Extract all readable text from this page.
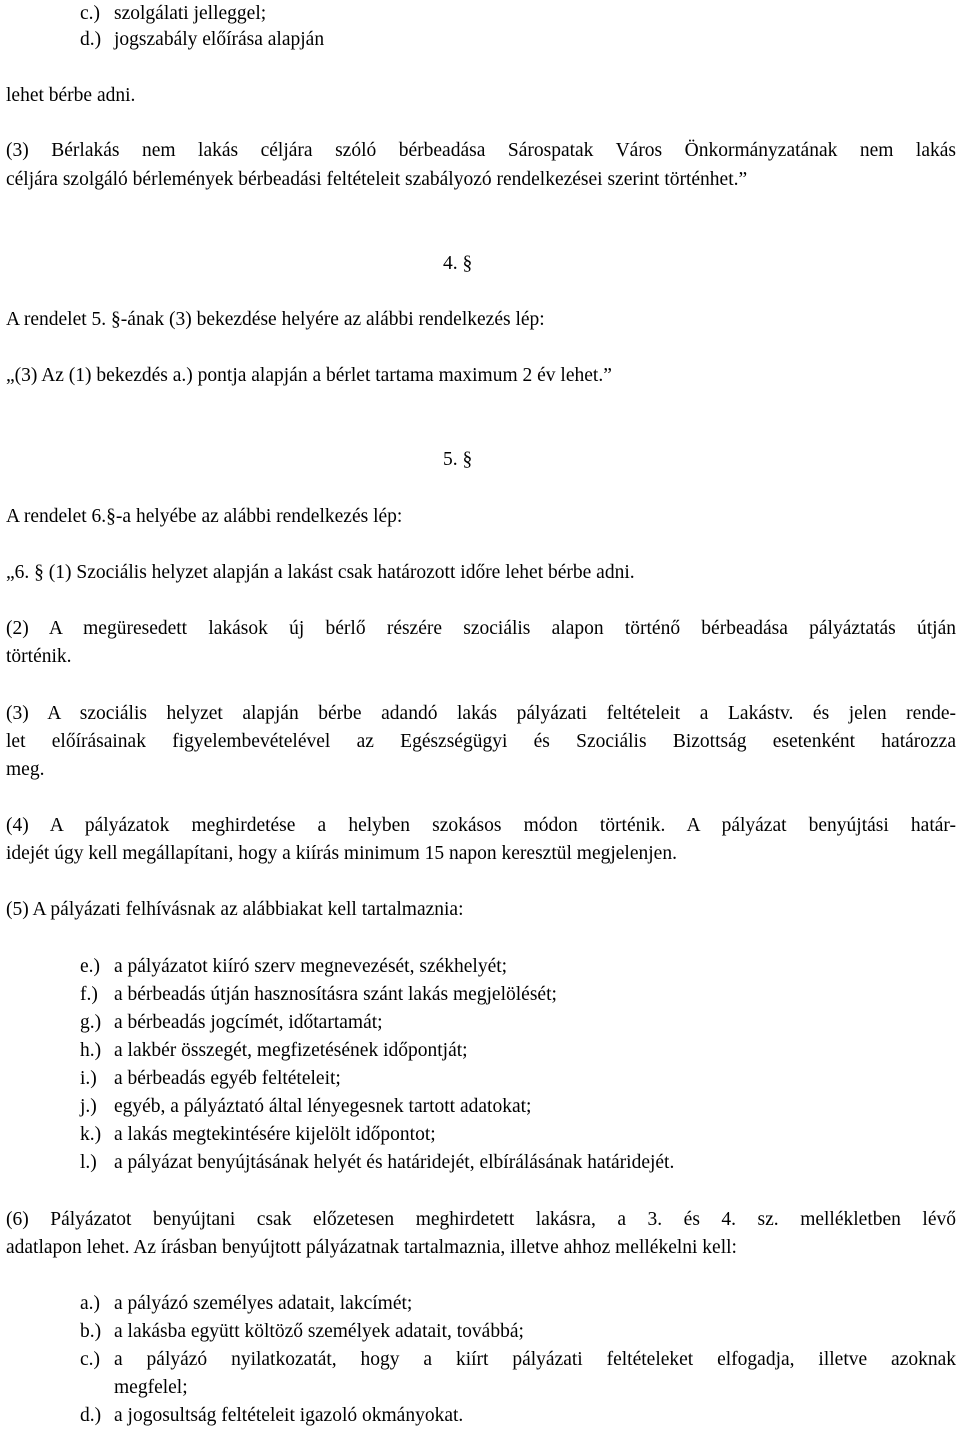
c.) szolgálati jelleggel;
d.) jogszabály előírása alapján
lehet bérbe adni.
(3) Bérlakás nem lakás céljára szóló bérbeadása Sárospatak Város Önkormányzatának nem lakás
céljára szolgáló bérlemények bérbeadási feltételeit szabályozó rendelkezései szerint történhet.”
4. §
A rendelet 5. §-ának (3) bekezdése helyére az alábbi rendelkezés lép:
„(3) Az (1) bekezdés a.) pontja alapján a bérlet tartama maximum 2 év lehet.”
5. §
A rendelet 6.§-a helyébe az alábbi rendelkezés lép:
„6. § (1) Szociális helyzet alapján a lakást csak határozott időre lehet bérbe adni.
(2) A megüresedett lakások új bérlő részére szociális alapon történő bérbeadása pályáztatás útján
történik.
(3) A szociális helyzet alapján bérbe adandó lakás pályázati feltételeit a Lakástv. és jelen rende-
let előírásainak figyelembevételével az Egészségügyi és Szociális Bizottság esetenként határozza
meg.
(4) A pályázatok meghirdetése a helyben szokásos módon történik. A pályázat benyújtási határ-
idejét úgy kell megállapítani, hogy a kiírás minimum 15 napon keresztül megjelenjen.
(5) A pályázati felhívásnak az alábbiakat kell tartalmaznia:
e.) a pályázatot kiíró szerv megnevezését, székhelyét;
f.) a bérbeadás útján hasznosításra szánt lakás megjelölését;
g.) a bérbeadás jogcímét, időtartamát;
h.) a lakbér összegét, megfizetésének időpontját;
i.) a bérbeadás egyéb feltételeit;
j.) egyéb, a pályáztató által lényegesnek tartott adatokat;
k.) a lakás megtekintésére kijelölt időpontot;
l.) a pályázat benyújtásának helyét és határidejét, elbírálásának határidejét.
(6) Pályázatot benyújtani csak előzetesen meghirdetett lakásra, a 3. és 4. sz. mellékletben lévő
adatlapon lehet. Az írásban benyújtott pályázatnak tartalmaznia, illetve ahhoz mellékelni kell:
a.) a pályázó személyes adatait, lakcímét;
b.) a lakásba együtt költöző személyek adatait, továbbá;
c.) a pályázó nyilatkozatát, hogy a kiírt pályázati feltételeket elfogadja, illetve azoknak
megfelel;
d.) a jogosultság feltételeit igazoló okmányokat.
